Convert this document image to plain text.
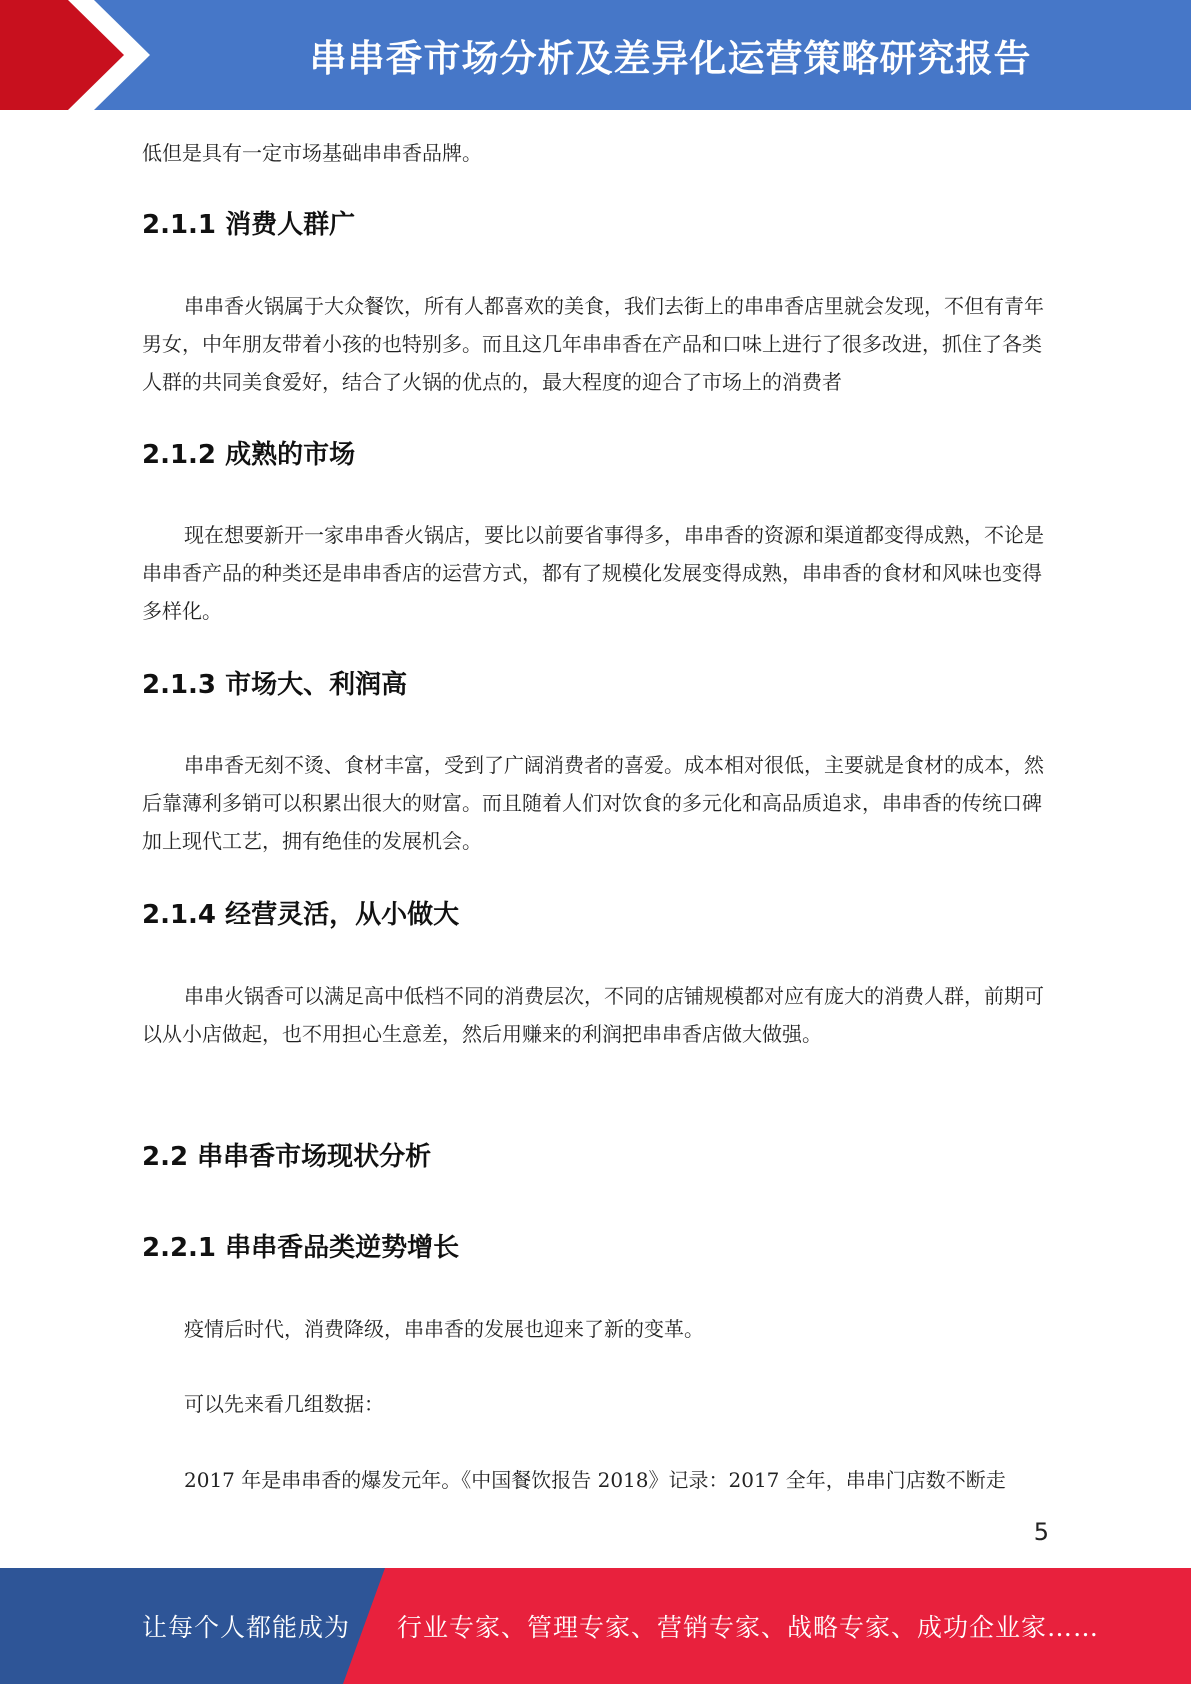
串串香市场分析及差异化运营策略研究报告

低但是具有一定市场基础串串香品牌。

2.1.1 消费人群广

串串香火锅属于大众餐饮，所有人都喜欢的美食，我们去街上的串串香店里就会发现，不但有青年男女，中年朋友带着小孩的也特别多。而且这几年串串香在产品和口味上进行了很多改进，抓住了各类人群的共同美食爱好，结合了火锅的优点的，最大程度的迎合了市场上的消费者

2.1.2 成熟的市场

现在想要新开一家串串香火锅店，要比以前要省事得多，串串香的资源和渠道都变得成熟，不论是串串香产品的种类还是串串香店的运营方式，都有了规模化发展变得成熟，串串香的食材和风味也变得多样化。

2.1.3 市场大、利润高

串串香无刻不烫、食材丰富，受到了广阔消费者的喜爱。成本相对很低，主要就是食材的成本，然后靠薄利多销可以积累出很大的财富。而且随着人们对饮食的多元化和高品质追求，串串香的传统口碑加上现代工艺，拥有绝佳的发展机会。

2.1.4 经营灵活，从小做大

串串火锅香可以满足高中低档不同的消费层次，不同的店铺规模都对应有庞大的消费人群，前期可以从小店做起，也不用担心生意差，然后用赚来的利润把串串香店做大做强。

2.2 串串香市场现状分析
2.2.1 串串香品类逆势增长

疫情后时代，消费降级，串串香的发展也迎来了新的变革。

可以先来看几组数据：

2017 年是串串香的爆发元年。《中国餐饮报告 2018》记录：2017 全年，串串门店数不断走

5
让每个人都能成为 行业专家、管理专家、营销专家、战略专家、成功企业家……
